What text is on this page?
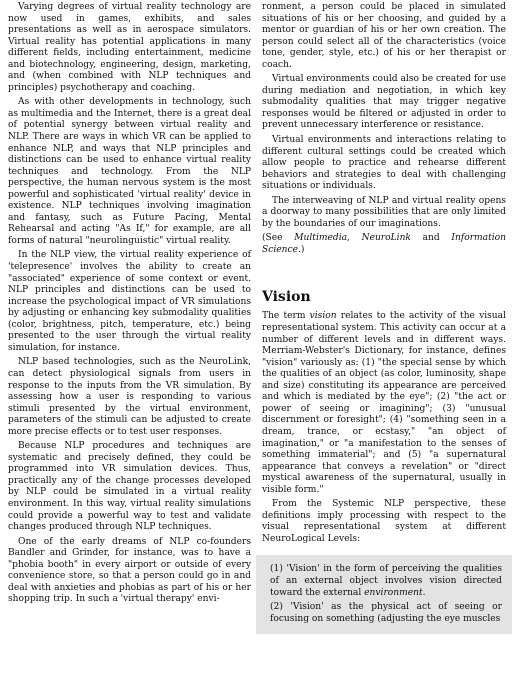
Varying degrees of virtual reality technology are now used in games, exhibits, and sales presentations as well as in aerospace simulators. Virtual reality has potential applications in many different fields, including entertainment, medicine and biotechnology, engineering, design, marketing, and (when combined with NLP techniques and principles) psychotherapy and coaching.

As with other developments in technology, such as multimedia and the Internet, there is a great deal of potential synergy between virtual reality and NLP. There are ways in which VR can be applied to enhance NLP, and ways that NLP principles and distinctions can be used to enhance virtual reality techniques and technology. From the NLP perspective, the human nervous system is the most powerful and sophisticated 'virtual reality' device in existence. NLP techniques involving imagination and fantasy, such as Future Pacing, Mental Rehearsal and acting "As If," for example, are all forms of natural "neurolinguistic" virtual reality.

In the NLP view, the virtual reality experience of 'telepresence' involves the ability to create an "associated" experience of some context or event. NLP principles and distinctions can be used to increase the psychological impact of VR simulations by adjusting or enhancing key submodality qualities (color, brightness, pitch, temperature, etc.) being presented to the user through the virtual reality simulation, for instance.

NLP based technologies, such as the NeuroLink, can detect physiological signals from users in response to the inputs from the VR simulation. By assessing how a user is responding to various stimuli presented by the virtual environment, parameters of the stimuli can be adjusted to create more precise effects or to test user responses.

Because NLP procedures and techniques are systematic and precisely defined, they could be programmed into VR simulation devices. Thus, practically any of the change processes developed by NLP could be simulated in a virtual reality environment. In this way, virtual reality simulations could provide a powerful way to test and validate changes produced through NLP techniques.

One of the early dreams of NLP co-founders Bandler and Grinder, for instance, was to have a "phobia booth" in every airport or outside of every convenience store, so that a person could go in and deal with anxieties and phobias as part of his or her shopping trip. In such a 'virtual therapy' envi-

ronment, a person could be placed in simulated situations of his or her choosing, and guided by a mentor or guardian of his or her own creation. The person could select all of the characteristics (voice tone, gender, style, etc.) of his or her therapist or coach.

Virtual environments could also be created for use during mediation and negotiation, in which key submodality qualities that may trigger negative responses would be filtered or adjusted in order to prevent unnecessary interference or resistance.

Virtual environments and interactions relating to different cultural settings could be created which allow people to practice and rehearse different behaviors and strategies to deal with challenging situations or individuals.

The interweaving of NLP and virtual reality opens a doorway to many possibilities that are only limited by the boundaries of our imaginations.

(See Multimedia, NeuroLink and Information Science.)

Vision

The term vision relates to the activity of the visual representational system. This activity can occur at a number of different levels and in different ways. Merriam-Webster's Dictionary, for instance, defines "vision" variously as: (1) "the special sense by which the qualities of an object (as color, luminosity, shape and size) constituting its appearance are perceived and which is mediated by the eye"; (2) "the act or power of seeing or imagining"; (3) "unusual discernment or foresight"; (4) "something seen in a dream, trance, or ecstasy," "an object of imagination," or "a manifestation to the senses of something immaterial"; and (5) "a supernatural appearance that conveys a revelation" or "direct mystical awareness of the supernatural, usually in visible form."

From the Systemic NLP perspective, these definitions imply processing with respect to the visual representational system at different NeuroLogical Levels:

(1) 'Vision' in the form of perceiving the qualities of an external object involves vision directed toward the external environment.

(2) 'Vision' as the physical act of seeing or focusing on something (adjusting the eye muscles
